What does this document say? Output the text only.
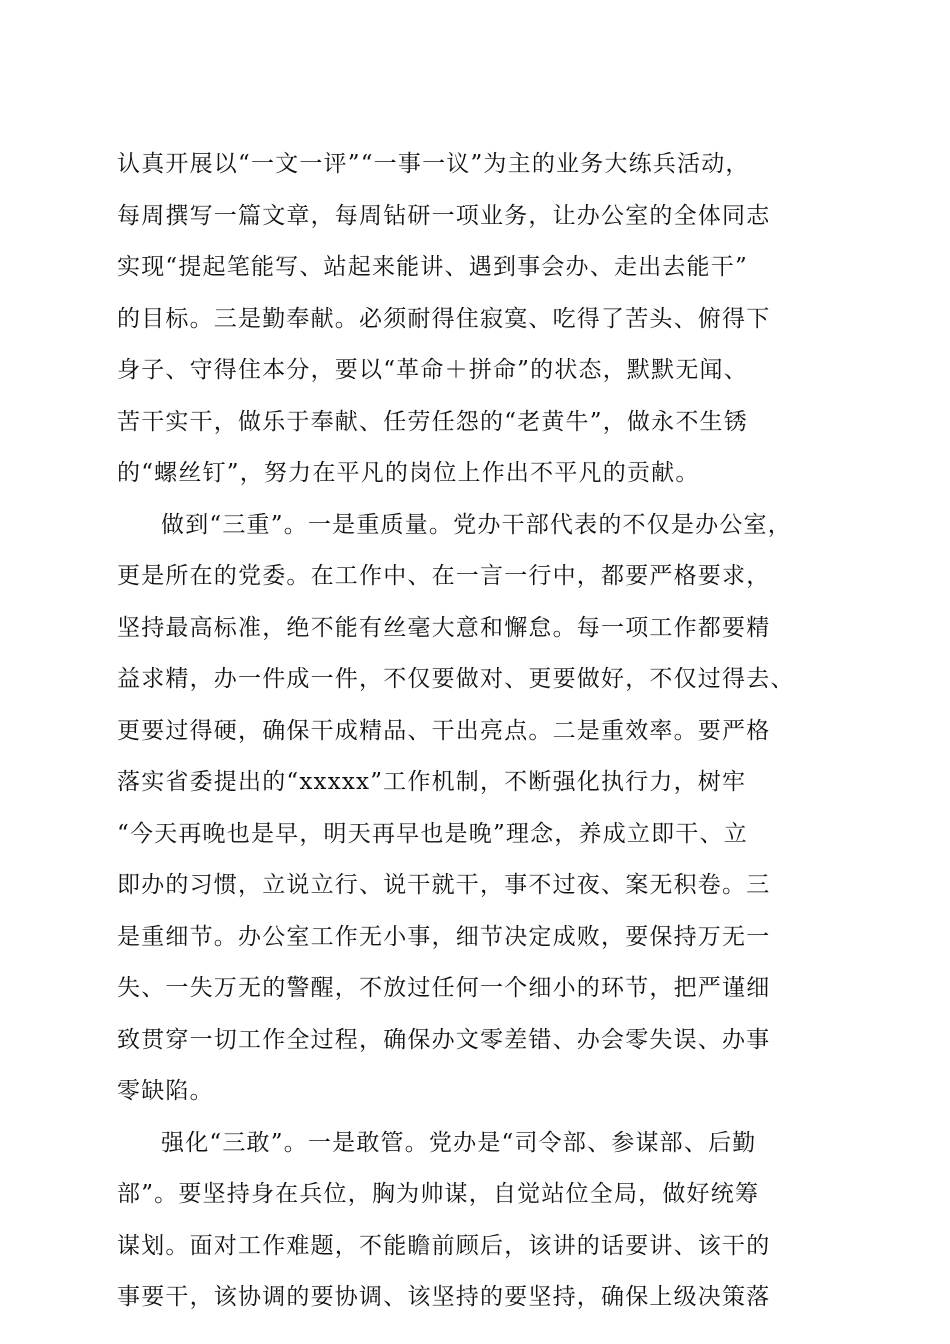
认真开展以“一文一评”“一事一议”为主的业务大练兵活动，
每周撰写一篇文章，每周钻研一项业务，让办公室的全体同志
实现“提起笔能写、站起来能讲、遇到事会办、走出去能干”
的目标。三是勤奉献。必须耐得住寂寞、吃得了苦头、俯得下
身子、守得住本分，要以“革命＋拼命”的状态，默默无闻、
苦干实干，做乐于奉献、任劳任怨的“老黄牛”，做永不生锈
的“螺丝钉”，努力在平凡的岗位上作出不平凡的贡献。
做到“三重”。一是重质量。党办干部代表的不仅是办公室，
更是所在的党委。在工作中、在一言一行中，都要严格要求，
坚持最高标准，绝不能有丝毫大意和懈怠。每一项工作都要精
益求精，办一件成一件，不仅要做对、更要做好，不仅过得去、
更要过得硬，确保干成精品、干出亮点。二是重效率。要严格
落实省委提出的“xxxxx”工作机制，不断强化执行力，树牢
“今天再晚也是早，明天再早也是晚”理念，养成立即干、立
即办的习惯，立说立行、说干就干，事不过夜、案无积卷。三
是重细节。办公室工作无小事，细节决定成败，要保持万无一
失、一失万无的警醒，不放过任何一个细小的环节，把严谨细
致贯穿一切工作全过程，确保办文零差错、办会零失误、办事
零缺陷。
强化“三敢”。一是敢管。党办是“司令部、参谋部、后勤
部”。要坚持身在兵位，胸为帅谋，自觉站位全局，做好统筹
谋划。面对工作难题，不能瞻前顾后，该讲的话要讲、该干的
事要干，该协调的要协调、该坚持的要坚持，确保上级决策落
